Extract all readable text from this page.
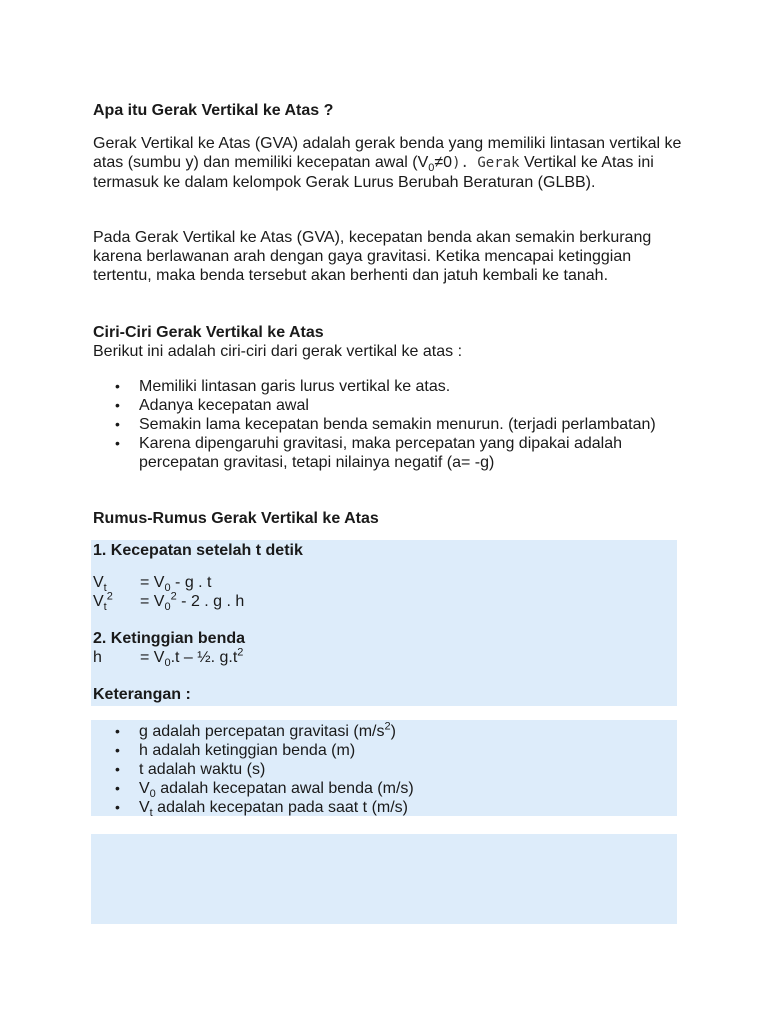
Apa itu Gerak Vertikal ke Atas ?

Gerak Vertikal ke Atas (GVA) adalah gerak benda yang memiliki lintasan vertikal ke atas (sumbu y) dan memiliki kecepatan awal $(V_0\ne 0)$. Gerak Vertikal ke Atas ini termasuk ke dalam kelompok Gerak Lurus Berubah Beraturan (GLBB).

Pada Gerak Vertikal ke Atas (GVA), kecepatan benda akan semakin berkurang karena berlawanan arah dengan gaya gravitasi. Ketika mencapai ketinggian tertentu, maka benda tersebut akan berhenti dan jatuh kembali ke tanah.

Ciri-Ciri Gerak Vertikal ke Atas

Berikut ini adalah ciri-ciri dari gerak vertikal ke atas :

• Memiliki lintasan garis lurus vertikal ke atas.
• Adanya kecepatan awal
• Semakin lama kecepatan benda semakin menurun. (terjadi perlambatan)
• Karena dipengaruhi gravitasi, maka percepatan yang dipakai adalah percepatan gravitasi, tetapi nilainya negatif (a= -g)
Rumus-Rumus Gerak Vertikal ke Atas
1. Kecepatan setelah t detik
$V_t$	= $V_0$ - g . t
$V_t^2$	= $V_0^2 - 2$ . g . h
2. Ketinggian benda
h	= $V_0.t$ – ½. $g.t^2$
Keterangan :
• g adalah percepatan gravitasi $(m/s^2)$
• h adalah ketinggian benda (m)
• t adalah waktu (s)
• $V_0$ adalah kecepatan awal benda (m/s)
• $V_t$ adalah kecepatan pada saat t (m/s)
